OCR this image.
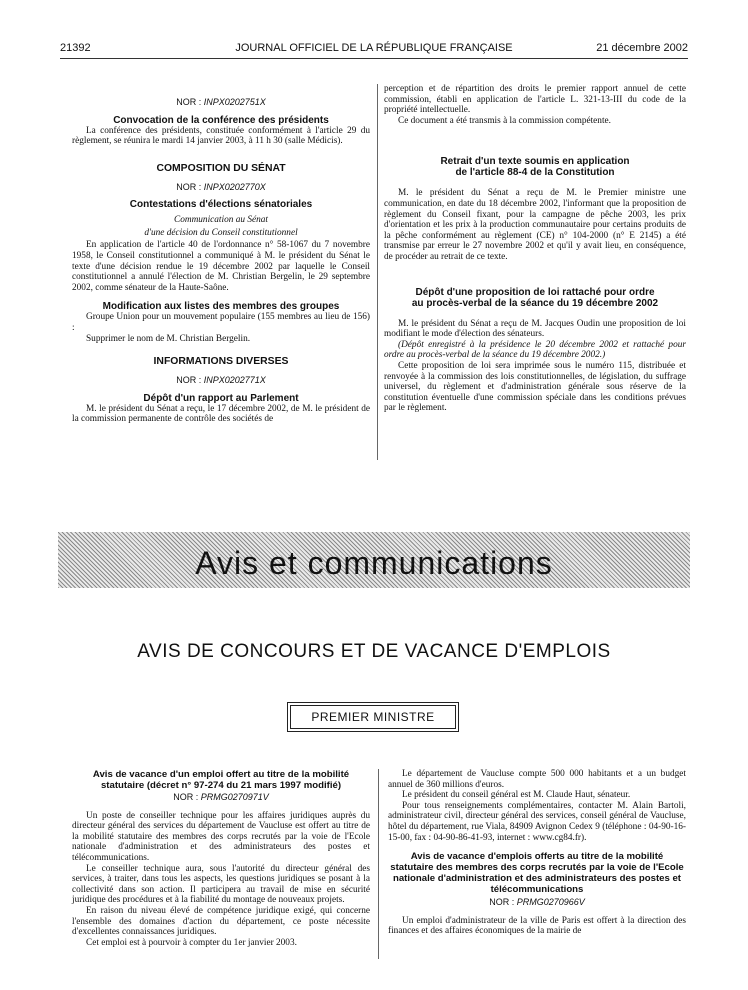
21392	JOURNAL OFFICIEL DE LA RÉPUBLIQUE FRANÇAISE	21 décembre 2002
NOR : INPX0202751X
Convocation de la conférence des présidents

La conférence des présidents, constituée conformément à l'article 29 du règlement, se réunira le mardi 14 janvier 2003, à 11 h 30 (salle Médicis).

COMPOSITION DU SÉNAT
NOR : INPX0202770X
Contestations d'élections sénatoriales
Communication au Sénat
d'une décision du Conseil constitutionnel

En application de l'article 40 de l'ordonnance n° 58-1067 du 7 novembre 1958, le Conseil constitutionnel a communiqué à M. le président du Sénat le texte d'une décision rendue le 19 décembre 2002 par laquelle le Conseil constitutionnel a annulé l'élection de M. Christian Bergelin, le 29 septembre 2002, comme sénateur de la Haute-Saône.

Modification aux listes des membres des groupes

Groupe Union pour un mouvement populaire (155 membres au lieu de 156) :

Supprimer le nom de M. Christian Bergelin.

INFORMATIONS DIVERSES
NOR : INPX0202771X
Dépôt d'un rapport au Parlement

M. le président du Sénat a reçu, le 17 décembre 2002, de M. le président de la commission permanente de contrôle des sociétés de

perception et de répartition des droits le premier rapport annuel de cette commission, établi en application de l'article L. 321-13-III du code de la propriété intellectuelle.

Ce document a été transmis à la commission compétente.

Retrait d'un texte soumis en application
de l'article 88-4 de la Constitution

M. le président du Sénat a reçu de M. le Premier ministre une communication, en date du 18 décembre 2002, l'informant que la proposition de règlement du Conseil fixant, pour la campagne de pêche 2003, les prix d'orientation et les prix à la production communautaire pour certains produits de la pêche conformément au règlement (CE) n° 104-2000 (n° E 2145) a été transmise par erreur le 27 novembre 2002 et qu'il y avait lieu, en conséquence, de procéder au retrait de ce texte.

Dépôt d'une proposition de loi rattaché pour ordre
au procès-verbal de la séance du 19 décembre 2002

M. le président du Sénat a reçu de M. Jacques Oudin une proposition de loi modifiant le mode d'élection des sénateurs.

(Dépôt enregistré à la présidence le 20 décembre 2002 et rattaché pour ordre au procès-verbal de la séance du 19 décembre 2002.)

Cette proposition de loi sera imprimée sous le numéro 115, distribuée et renvoyée à la commission des lois constitutionnelles, de législation, du suffrage universel, du règlement et d'administration générale sous réserve de la constitution éventuelle d'une commission spéciale dans les conditions prévues par le règlement.

Avis et communications
AVIS DE CONCOURS ET DE VACANCE D'EMPLOIS
PREMIER MINISTRE
Avis de vacance d'un emploi offert au titre de la mobilité statutaire (décret n° 97-274 du 21 mars 1997 modifié)
NOR : PRMG0270971V

Un poste de conseiller technique pour les affaires juridiques auprès du directeur général des services du département de Vaucluse est offert au titre de la mobilité statutaire des membres des corps recrutés par la voie de l'Ecole nationale d'administration et des administrateurs des postes et télécommunications.

Le conseiller technique aura, sous l'autorité du directeur général des services, à traiter, dans tous les aspects, les questions juridiques se posant à la collectivité dans son action. Il participera au travail de mise en sécurité juridique des procédures et à la fiabilité du montage de nouveaux projets.

En raison du niveau élevé de compétence juridique exigé, qui concerne l'ensemble des domaines d'action du département, ce poste nécessite d'excellentes connaissances juridiques.

Cet emploi est à pourvoir à compter du 1er janvier 2003.

Le département de Vaucluse compte 500 000 habitants et a un budget annuel de 360 millions d'euros.

Le président du conseil général est M. Claude Haut, sénateur.

Pour tous renseignements complémentaires, contacter M. Alain Bartoli, administrateur civil, directeur général des services, conseil général de Vaucluse, hôtel du département, rue Viala, 84909 Avignon Cedex 9 (téléphone : 04-90-16-15-00, fax : 04-90-86-41-93, internet : www.cg84.fr).

Avis de vacance d'emplois offerts au titre de la mobilité statutaire des membres des corps recrutés par la voie de l'Ecole nationale d'administration et des administrateurs des postes et télécommunications
NOR : PRMG0270966V

Un emploi d'administrateur de la ville de Paris est offert à la direction des finances et des affaires économiques de la mairie de
